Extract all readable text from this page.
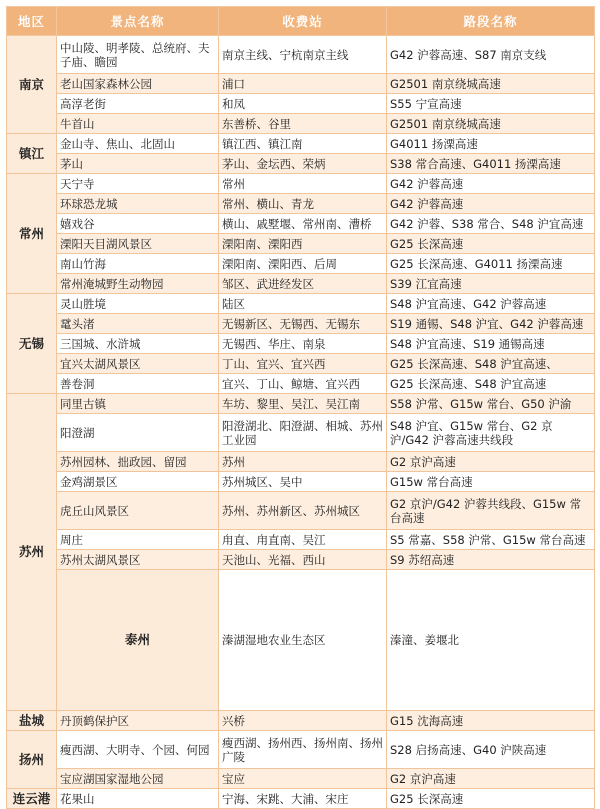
地区	景点名称	收费站	路段名称	
南京	中山陵、明孝陵、总统府、夫子庙、瞻园	南京主线、宁杭南京主线	G42 沪蓉高速、S87 南京支线	
	老山国家森林公园	浦口	G2501 南京绕城高速	
	高淳老街	和凤	S55 宁宣高速	
	牛首山	东善桥、谷里	G2501 南京绕城高速	
镇江	金山寺、焦山、北固山	镇江西、镇江南	G4011 扬溧高速	
	茅山	茅山、金坛西、荣炳	S38 常合高速、G4011 扬溧高速	
常州	天宁寺	常州	G42 沪蓉高速	
	环球恐龙城	常州、横山、青龙	G42 沪蓉高速	
	嬉戏谷	横山、戚墅堰、常州南、漕桥	G42 沪蓉、S38 常合、S48 沪宜高速	
	溧阳天目湖风景区	溧阳南、溧阳西	G25 长深高速	
	南山竹海	溧阳南、溧阳西、后周	G25 长深高速、G4011 扬溧高速	
	常州淹城野生动物园	邹区、武进经发区	S39 江宜高速	
无锡	灵山胜境	陆区	S48 沪宜高速、G42 沪蓉高速	
	鼋头渚	无锡新区、无锡西、无锡东	S19 通锡、S48 沪宜、G42 沪蓉高速	
	三国城、水浒城	无锡西、华庄、南泉	S48 沪宜高速、S19 通锡高速	
	宜兴太湖风景区	丁山、宜兴、宜兴西	G25 长深高速、S48 沪宜高速、	
	善卷洞	宜兴、丁山、鲸塘、宜兴西	G25 长深高速、S48 沪宜高速	
苏州	同里古镇	车坊、黎里、吴江、吴江南	S58 沪常、G15w 常台、G50 沪渝	
	阳澄湖	阳澄湖北、阳澄湖、相城、苏州工业园	S48 沪宜、G15w 常台、G2 京沪/G42 沪蓉高速共线段	
	苏州园林、拙政园、留园	苏州	G2 京沪高速	
	金鸡湖景区	苏州城区、吴中	G15w 常台高速	
	虎丘山风景区	苏州、苏州新区、苏州城区	G2 京沪/G42 沪蓉共线段、G15w 常台高速	
	周庄	甪直、甪直南、吴江	S5 常嘉、S58 沪常、G15w 常台高速	
	苏州太湖风景区	天池山、光福、西山	S9 苏绍高速	
	泰州	溱湖湿地农业生态区	溱潼、姜堰北	
盐城	丹顶鹤保护区	兴桥	G15 沈海高速	
扬州	瘦西湖、大明寺、个园、何园	瘦西湖、扬州西、扬州南、扬州广陵	S28 启扬高速、G40 沪陕高速	
	宝应湖国家湿地公园	宝应	G2 京沪高速	
连云港	花果山	宁海、宋跳、大浦、宋庄	G25 长深高速	
